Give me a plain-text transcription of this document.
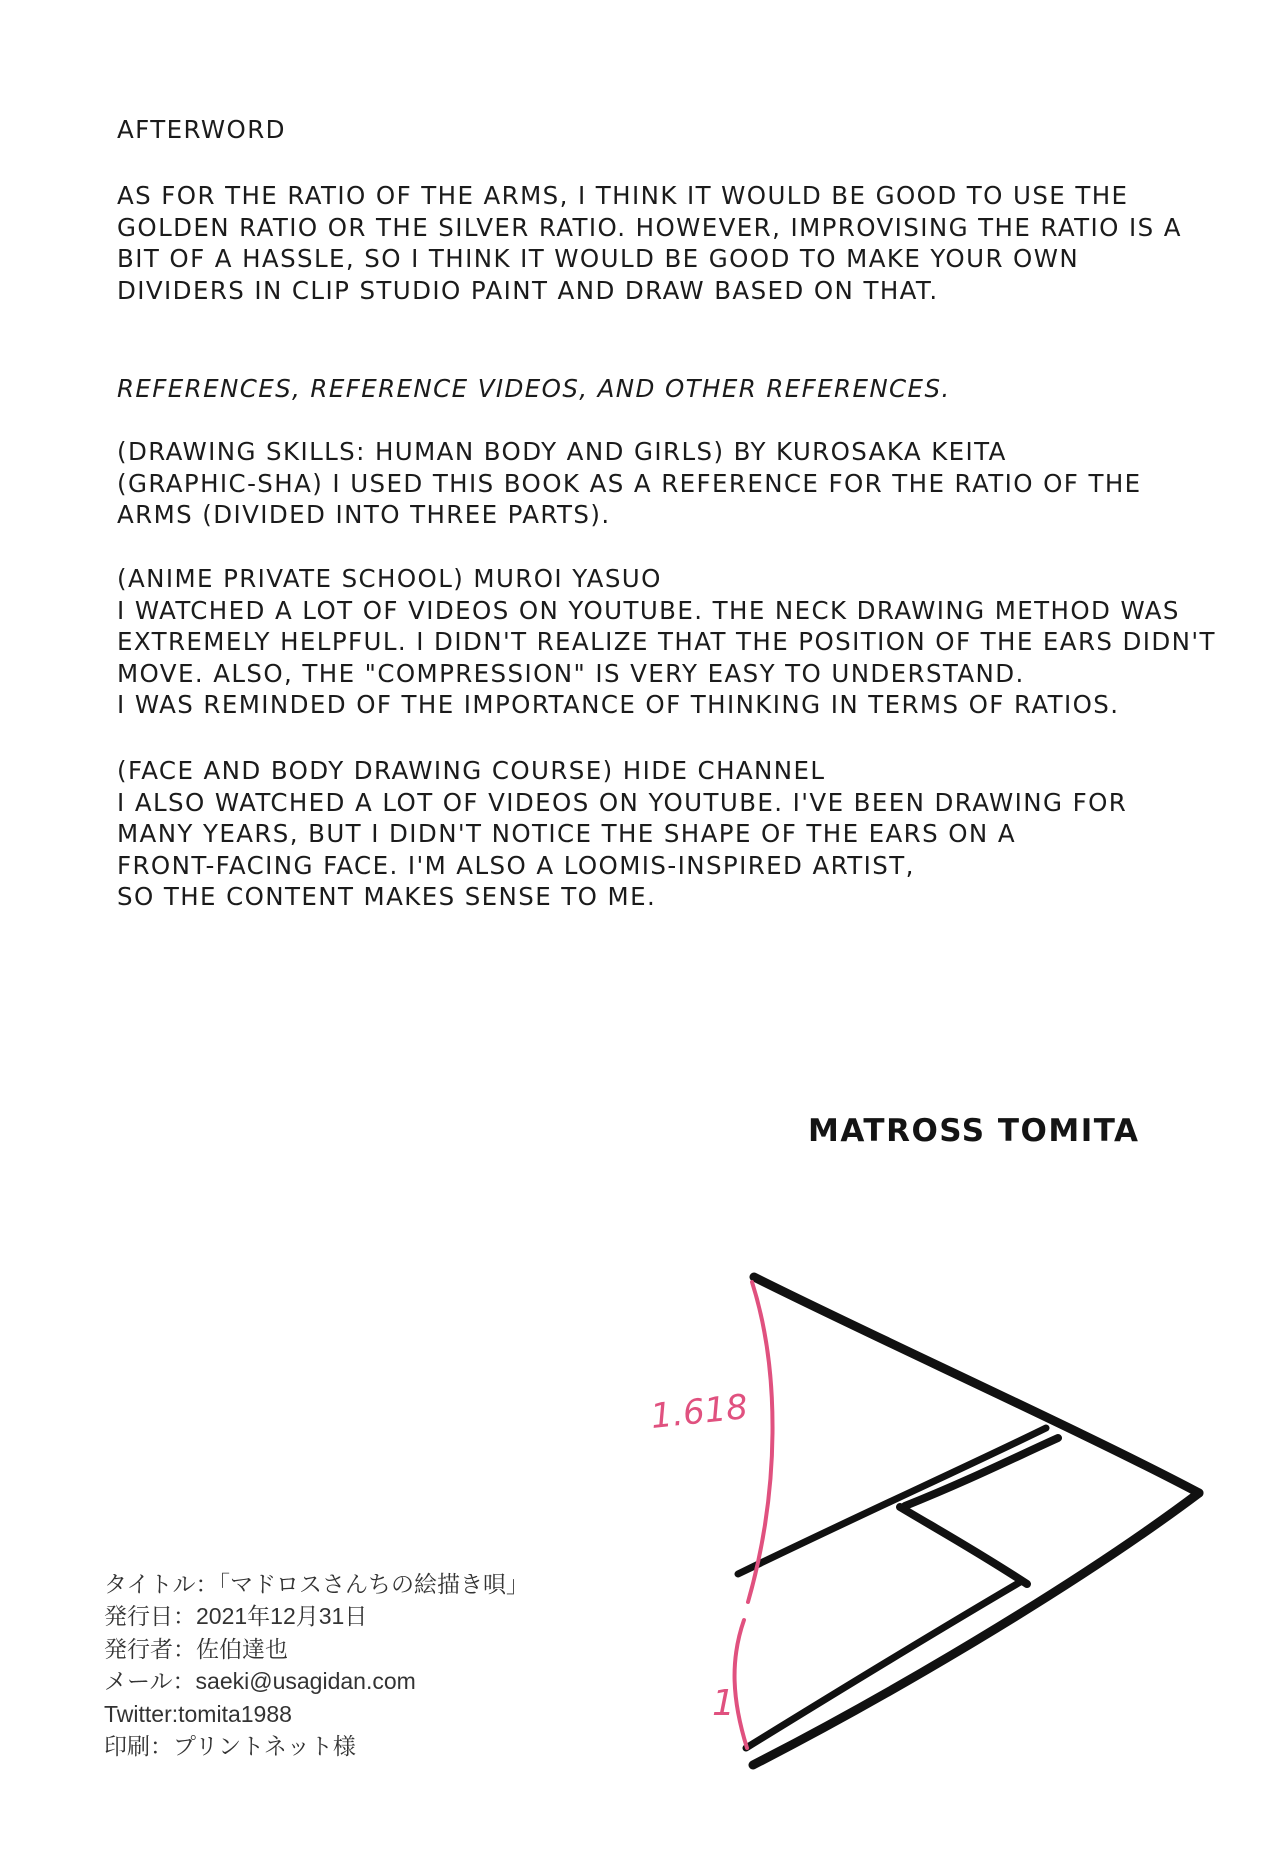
AFTERWORD
AS FOR THE RATIO OF THE ARMS, I THINK IT WOULD BE GOOD TO USE THE
GOLDEN RATIO OR THE SILVER RATIO. HOWEVER, IMPROVISING THE RATIO IS A
BIT OF A HASSLE, SO I THINK IT WOULD BE GOOD TO MAKE YOUR OWN
DIVIDERS IN CLIP STUDIO PAINT AND DRAW BASED ON THAT.
REFERENCES, REFERENCE VIDEOS, AND OTHER REFERENCES.
(DRAWING SKILLS: HUMAN BODY AND GIRLS) BY KUROSAKA KEITA
(GRAPHIC-SHA) I USED THIS BOOK AS A REFERENCE FOR THE RATIO OF THE
ARMS (DIVIDED INTO THREE PARTS).
(ANIME PRIVATE SCHOOL) MUROI YASUO
I WATCHED A LOT OF VIDEOS ON YOUTUBE. THE NECK DRAWING METHOD WAS
EXTREMELY HELPFUL. I DIDN'T REALIZE THAT THE POSITION OF THE EARS DIDN'T
MOVE. ALSO, THE "COMPRESSION" IS VERY EASY TO UNDERSTAND.
I WAS REMINDED OF THE IMPORTANCE OF THINKING IN TERMS OF RATIOS.
(FACE AND BODY DRAWING COURSE) HIDE CHANNEL
I ALSO WATCHED A LOT OF VIDEOS ON YOUTUBE. I'VE BEEN DRAWING FOR
MANY YEARS, BUT I DIDN'T NOTICE THE SHAPE OF THE EARS ON A
FRONT-FACING FACE. I'M ALSO A LOOMIS-INSPIRED ARTIST,
SO THE CONTENT MAKES SENSE TO ME.
MATROSS TOMITA
1.618
1
タイトル：「マドロスさんちの絵描き唄」
発行日：2021年12月31日
発行者：佐伯達也
メール：saeki@usagidan.com
Twitter:tomita1988
印刷：プリントネット様
